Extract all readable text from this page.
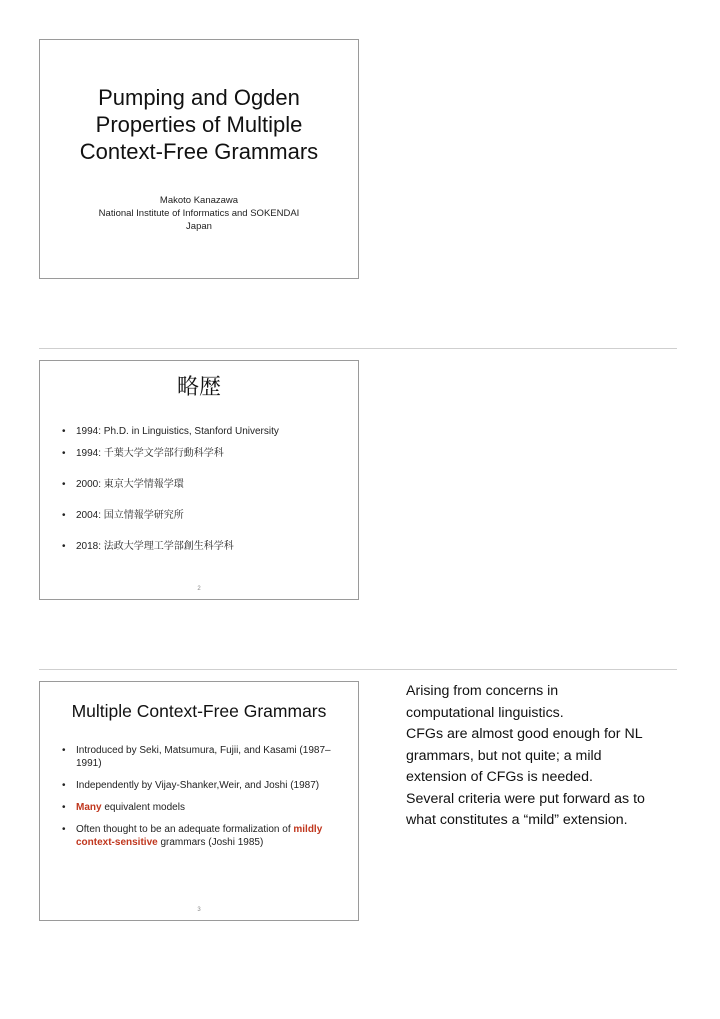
Pumping and Ogden
Properties of Multiple
Context-Free Grammars
Makoto Kanazawa
National Institute of Informatics and SOKENDAI
Japan
略歴
• 1994: Ph.D. in Linguistics, Stanford University
• 1994: 千葉大学文学部行動科学科
• 2000: 東京大学情報学環
• 2004: 国立情報学研究所
• 2018: 法政大学理工学部創生科学科
2
Multiple Context-Free Grammars
• Introduced by Seki, Matsumura, Fujii, and Kasami (1987–1991)
• Independently by Vijay-Shanker,Weir, and Joshi (1987)
• Many equivalent models
• Often thought to be an adequate formalization of mildly context-sensitive grammars (Joshi 1985)
3
Arising from concerns in
computational linguistics.
CFGs are almost good enough for NL
grammars, but not quite; a mild
extension of CFGs is needed.
Several criteria were put forward as to
what constitutes a “mild” extension.
